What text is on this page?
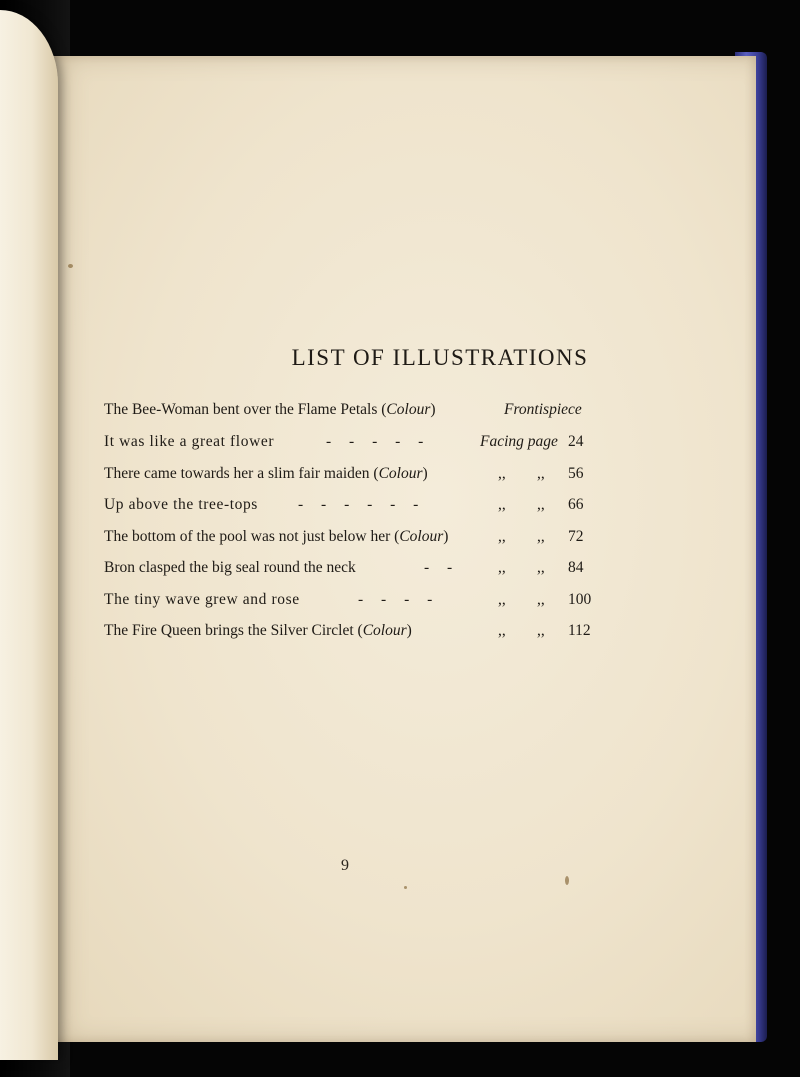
LIST OF ILLUSTRATIONS
The Bee-Woman bent over the Flame Petals (Colour)	Frontispiece
It was like a great flower	- - - - -	Facing page 24
There came towards her a slim fair maiden (Colour)	,, ,, 56
Up above the tree-tops	- - - - - -	,, ,, 66
The bottom of the pool was not just below her (Colour)	,, ,, 72
Bron clasped the big seal round the neck	- -	,, ,, 84
The tiny wave grew and rose	- - - -	,, ,, 100
The Fire Queen brings the Silver Circlet (Colour)	,, ,, 112
9
